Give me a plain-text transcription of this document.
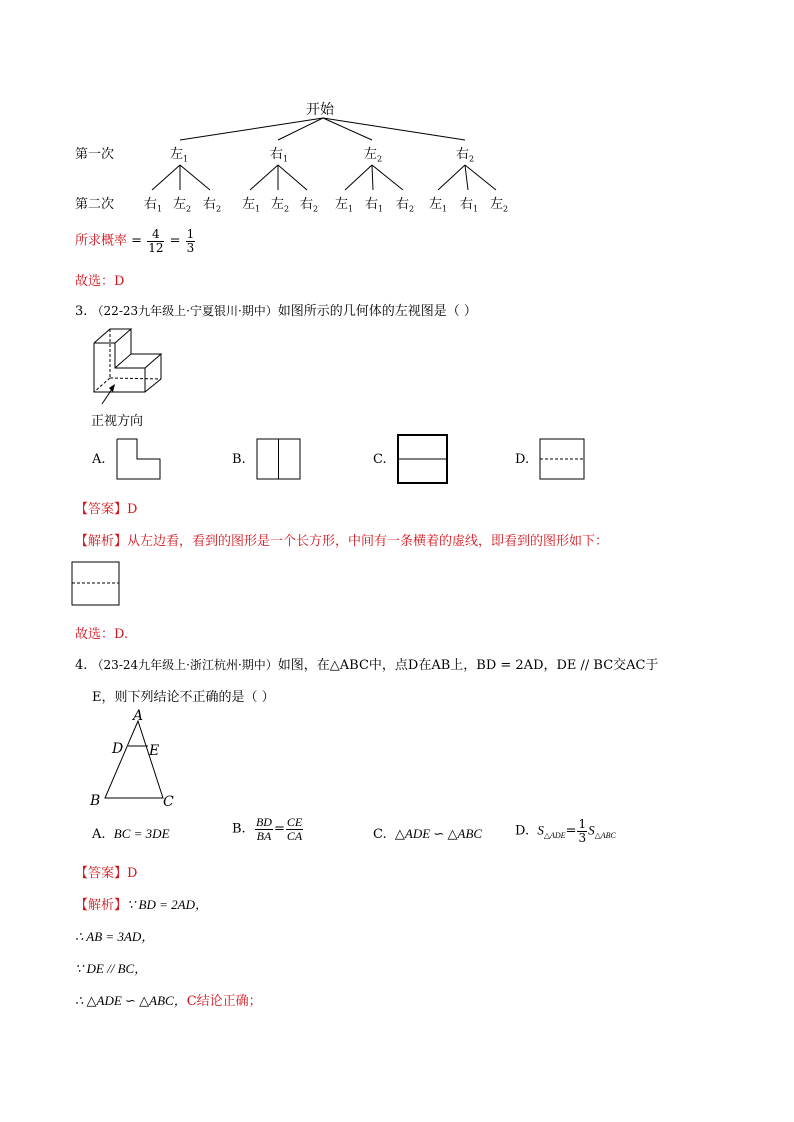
开始
第一次
第二次
左$_1$	右$_1$	左$_2$	右$_2$
右$_1$ 左$_2$ 右$_2$ 左$_1$ 左$_2$ 右$_2$ 左$_1$ 右$_1$ 右$_2$ 左$_1$ 右$_1$ 左$_2$
所求概率 = $\frac{4}{12} = \frac{1}{3}$
故选：D
3. （22-23九年级上·宁夏银川·期中）如图所示的几何体的左视图是（ ）
正视方向
A.	B.	C.	D.
【答案】D
【解析】从左边看，看到的图形是一个长方形，中间有一条横着的虚线，即看到的图形如下：
故选：D.
4. （23-24九年级上·浙江杭州·期中）如图，在△ABC中，点D在AB上，BD = 2AD，DE // BC交AC于
E，则下列结论不正确的是（ ）
A
D E
B	C
A. BC = 3DE	B. $\frac{BD}{BA} = \frac{CE}{CA}$	C. △ADE ∽ △ABC	D. $S_{\triangle ADE}= \frac{1}{3} S_{\triangle ABC}$
【答案】D
【解析】∵ BD = 2AD，
∴ AB = 3AD，
∵ DE // BC，
∴ △ADE ∽ △ABC，C结论正确；
